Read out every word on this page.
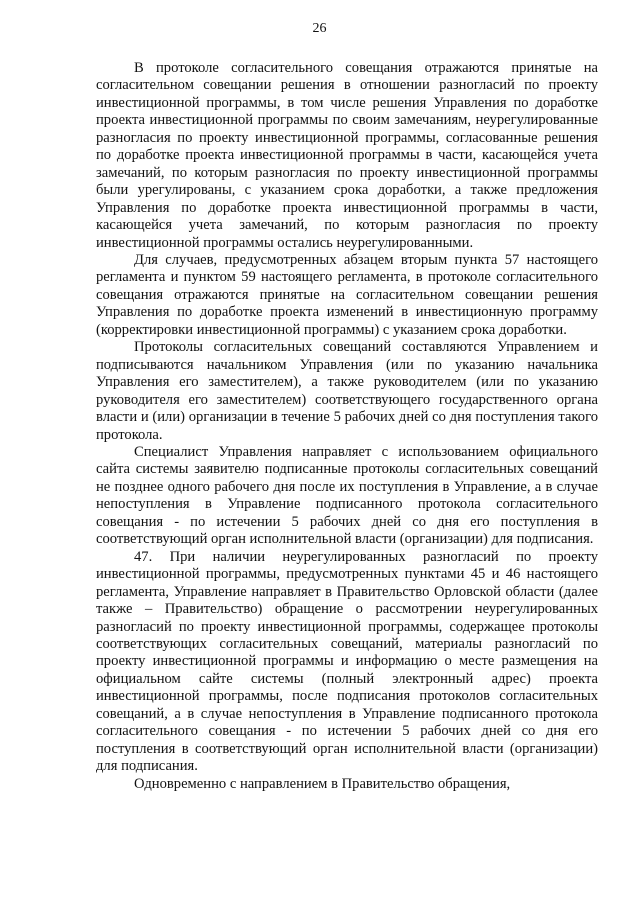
26

В протоколе согласительного совещания отражаются принятые на согласительном совещании решения в отношении разногласий по проекту инвестиционной программы, в том числе решения Управления по доработке проекта инвестиционной программы по своим замечаниям, неурегулированные разногласия по проекту инвестиционной программы, согласованные решения по доработке проекта инвестиционной программы в части, касающейся учета замечаний, по которым разногласия по проекту инвестиционной программы были урегулированы, с указанием срока доработки, а также предложения Управления по доработке проекта инвестиционной программы в части, касающейся учета замечаний, по которым разногласия по проекту инвестиционной программы остались неурегулированными.

Для случаев, предусмотренных абзацем вторым пункта 57 настоящего регламента и пунктом 59 настоящего регламента, в протоколе согласительного совещания отражаются принятые на согласительном совещании решения Управления по доработке проекта изменений в инвестиционную программу (корректировки инвестиционной программы) с указанием срока доработки.

Протоколы согласительных совещаний составляются Управлением и подписываются начальником Управления (или по указанию начальника Управления его заместителем), а также руководителем (или по указанию руководителя его заместителем) соответствующего государственного органа власти и (или) организации в течение 5 рабочих дней со дня поступления такого протокола.

Специалист Управления направляет с использованием официального сайта системы заявителю подписанные протоколы согласительных совещаний не позднее одного рабочего дня после их поступления в Управление, а в случае непоступления в Управление подписанного протокола согласительного совещания - по истечении 5 рабочих дней со дня его поступления в соответствующий орган исполнительной власти (организации) для подписания.

47. При наличии неурегулированных разногласий по проекту инвестиционной программы, предусмотренных пунктами 45 и 46 настоящего регламента, Управление направляет в Правительство Орловской области (далее также – Правительство) обращение о рассмотрении неурегулированных разногласий по проекту инвестиционной программы, содержащее протоколы соответствующих согласительных совещаний, материалы разногласий по проекту инвестиционной программы и информацию о месте размещения на официальном сайте системы (полный электронный адрес) проекта инвестиционной программы, после подписания протоколов согласительных совещаний, а в случае непоступления в Управление подписанного протокола согласительного совещания - по истечении 5 рабочих дней со дня его поступления в соответствующий орган исполнительной власти (организации) для подписания.

Одновременно с направлением в Правительство обращения,
